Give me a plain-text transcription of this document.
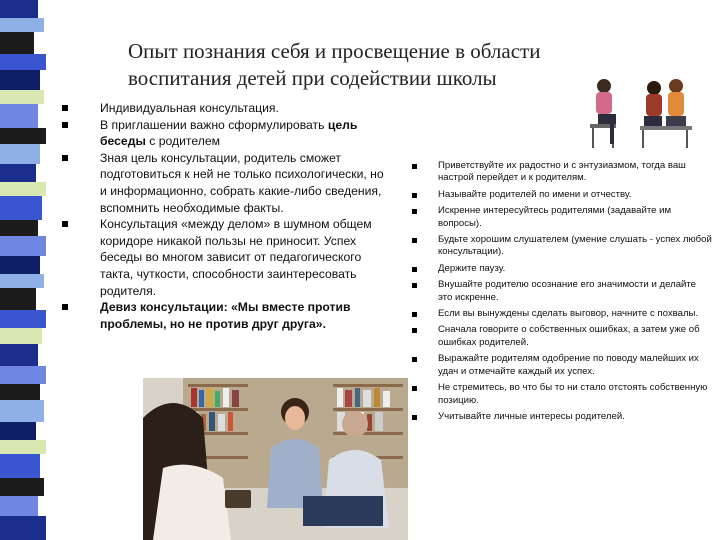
Опыт познания себя и просвещение в области воспитания детей при содействии школы
Индивидуальная консультация.
В приглашении важно сформулировать цель беседы с родителем
Зная цель консультации, родитель сможет подготовиться к ней не только психологически, но и информационно, собрать какие-либо сведения, вспомнить необходимые факты.
Консультация «между делом» в шумном общем коридоре никакой пользы не приносит. Успех беседы во многом зависит от педагогического такта, чуткости, способности заинтересовать родителя.
Девиз консультации: «Мы вместе против проблемы, но не против друг друга».
Приветствуйте их радостно и с энтузиазмом, тогда ваш настрой перейдет и к родителям.
Называйте родителей по имени и отчеству.
Искренне интересуйтесь родителями (задавайте им вопросы).
Будьте хорошим слушателем (умение слушать - успех любой консультации).
Держите паузу.
Внушайте родителю осознание его значимости и делайте это искренне.
Если вы вынуждены сделать выговор, начните с похвалы.
Сначала говорите о собственных ошибках, а затем уже об ошибках родителей.
Выражайте родителям одобрение по поводу малейших их удач и отмечайте каждый их успех.
Не стремитесь, во что бы то ни стало отстоять собственную позицию.
Учитывайте личные интересы родителей.
